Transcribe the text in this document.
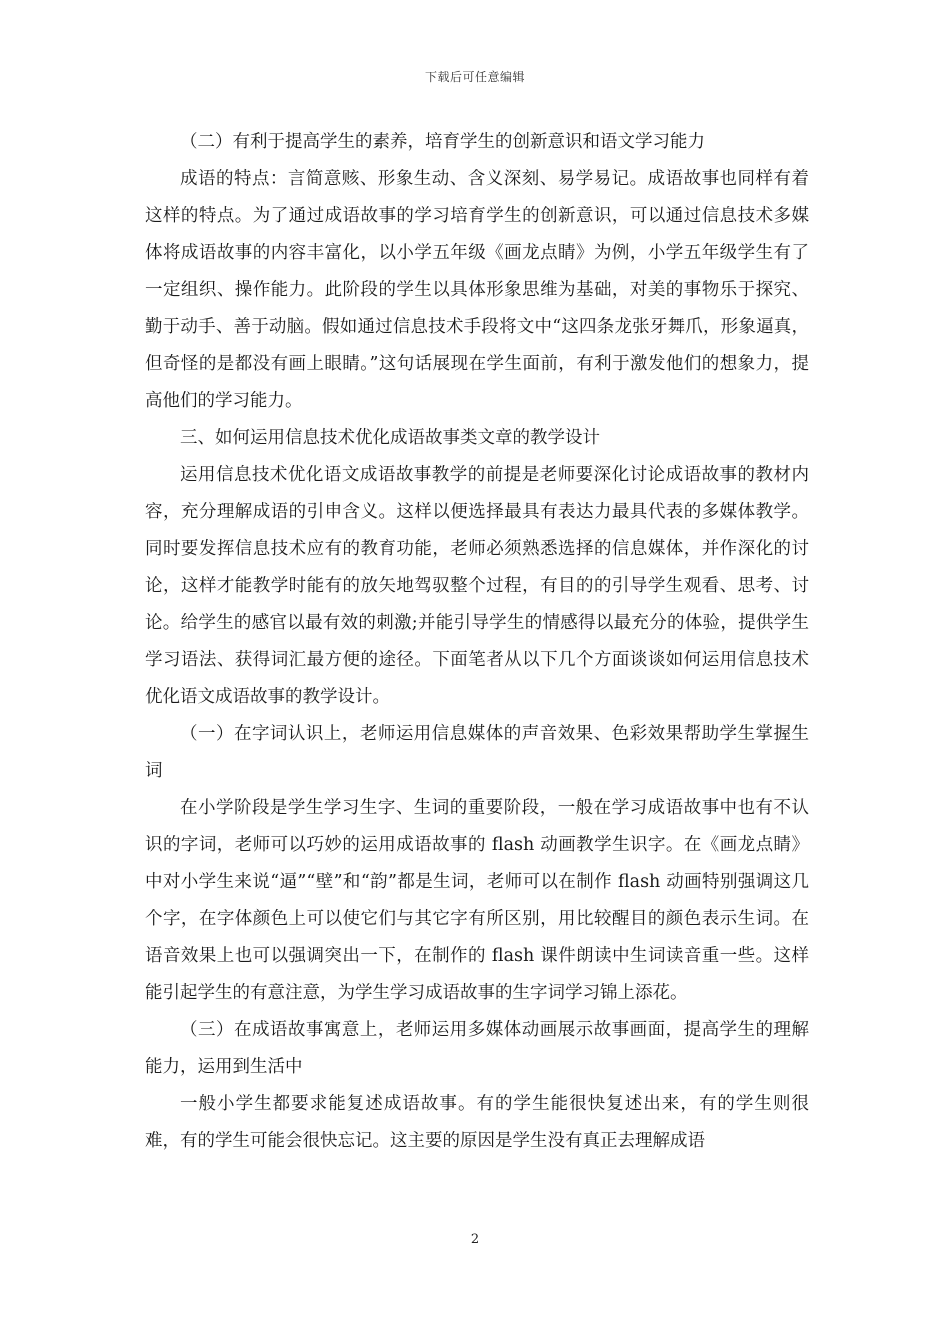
下载后可任意编辑

（二）有利于提高学生的素养，培育学生的创新意识和语文学习能力

成语的特点：言简意赅、形象生动、含义深刻、易学易记。成语故事也同样有着这样的特点。为了通过成语故事的学习培育学生的创新意识，可以通过信息技术多媒体将成语故事的内容丰富化，以小学五年级《画龙点睛》为例，小学五年级学生有了一定组织、操作能力。此阶段的学生以具体形象思维为基础，对美的事物乐于探究、勤于动手、善于动脑。假如通过信息技术手段将文中“这四条龙张牙舞爪，形象逼真，但奇怪的是都没有画上眼睛。”这句话展现在学生面前，有利于激发他们的想象力，提高他们的学习能力。

三、如何运用信息技术优化成语故事类文章的教学设计

运用信息技术优化语文成语故事教学的前提是老师要深化讨论成语故事的教材内容，充分理解成语的引申含义。这样以便选择最具有表达力最具代表的多媒体教学。同时要发挥信息技术应有的教育功能，老师必须熟悉选择的信息媒体，并作深化的讨论，这样才能教学时能有的放矢地驾驭整个过程，有目的的引导学生观看、思考、讨论。给学生的感官以最有效的刺激;并能引导学生的情感得以最充分的体验，提供学生学习语法、获得词汇最方便的途径。下面笔者从以下几个方面谈谈如何运用信息技术优化语文成语故事的教学设计。

（一）在字词认识上，老师运用信息媒体的声音效果、色彩效果帮助学生掌握生词

在小学阶段是学生学习生字、生词的重要阶段，一般在学习成语故事中也有不认识的字词，老师可以巧妙的运用成语故事的 flash 动画教学生识字。在《画龙点睛》中对小学生来说“逼”“壁”和“韵”都是生词，老师可以在制作 flash 动画特别强调这几个字，在字体颜色上可以使它们与其它字有所区别，用比较醒目的颜色表示生词。在语音效果上也可以强调突出一下，在制作的 flash 课件朗读中生词读音重一些。这样能引起学生的有意注意，为学生学习成语故事的生字词学习锦上添花。

（三）在成语故事寓意上，老师运用多媒体动画展示故事画面，提高学生的理解能力，运用到生活中

一般小学生都要求能复述成语故事。有的学生能很快复述出来，有的学生则很难，有的学生可能会很快忘记。这主要的原因是学生没有真正去理解成语

2
